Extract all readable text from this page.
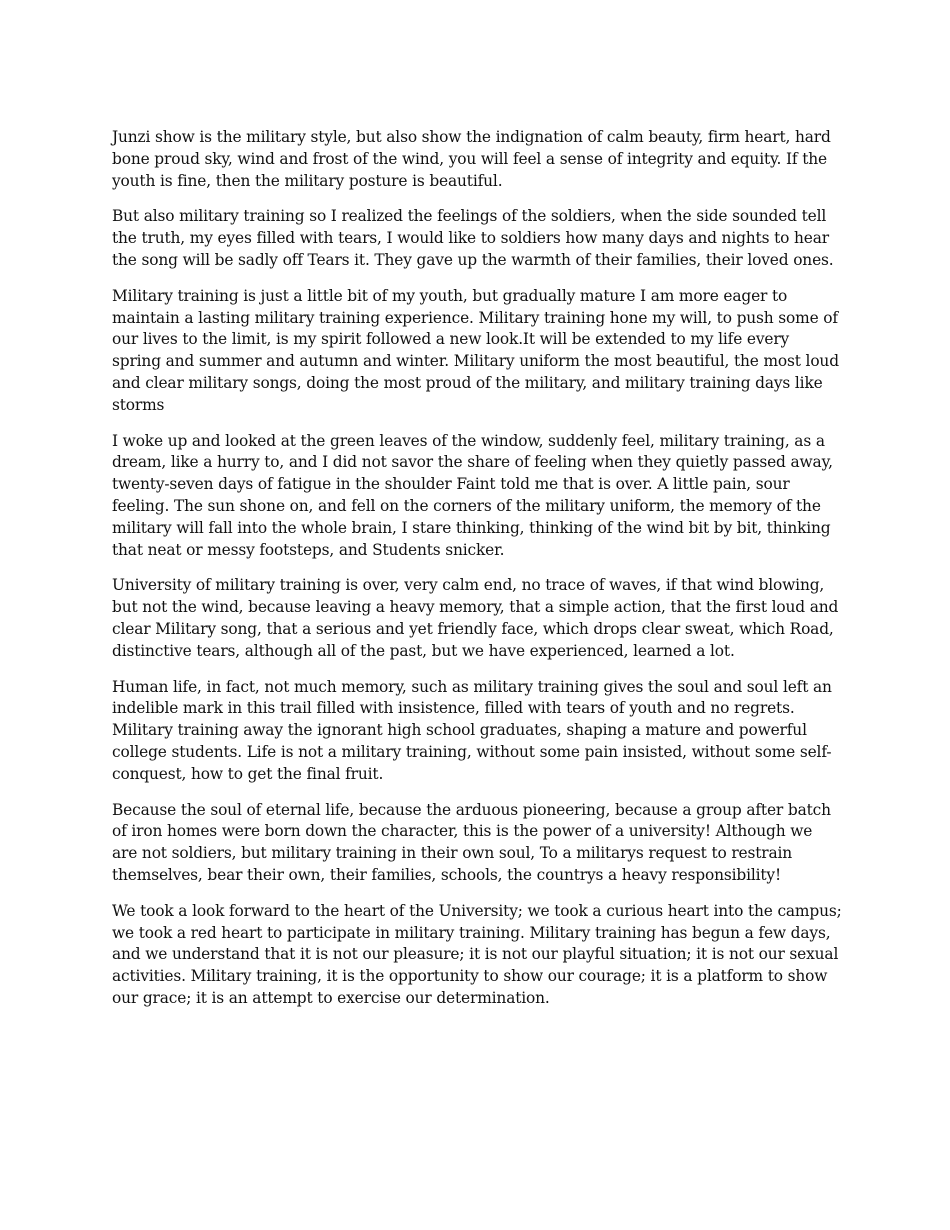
Junzi show is the military style, but also show the indignation of calm beauty, firm heart, hard bone proud sky, wind and frost of the wind, you will feel a sense of integrity and equity. If the youth is fine, then the military posture is beautiful.

But also military training so I realized the feelings of the soldiers, when the side sounded tell the truth, my eyes filled with tears, I would like to soldiers how many days and nights to hear the song will be sadly off Tears it. They gave up the warmth of their families, their loved ones.

Military training is just a little bit of my youth, but gradually mature I am more eager to maintain a lasting military training experience. Military training hone my will, to push some of our lives to the limit, is my spirit followed a new look.It will be extended to my life every spring and summer and autumn and winter. Military uniform the most beautiful, the most loud and clear military songs, doing the most proud of the military, and military training days like storms

I woke up and looked at the green leaves of the window, suddenly feel, military training, as a dream, like a hurry to, and I did not savor the share of feeling when they quietly passed away, twenty-seven days of fatigue in the shoulder Faint told me that is over. A little pain, sour feeling. The sun shone on, and fell on the corners of the military uniform, the memory of the military will fall into the whole brain, I stare thinking, thinking of the wind bit by bit, thinking that neat or messy footsteps, and Students snicker.

University of military training is over, very calm end, no trace of waves, if that wind blowing, but not the wind, because leaving a heavy memory, that a simple action, that the first loud and clear Military song, that a serious and yet friendly face, which drops clear sweat, which Road, distinctive tears, although all of the past, but we have experienced, learned a lot.

Human life, in fact, not much memory, such as military training gives the soul and soul left an indelible mark in this trail filled with insistence, filled with tears of youth and no regrets. Military training away the ignorant high school graduates, shaping a mature and powerful college students. Life is not a military training, without some pain insisted, without some self-conquest, how to get the final fruit.

Because the soul of eternal life, because the arduous pioneering, because a group after batch of iron homes were born down the character, this is the power of a university! Although we are not soldiers, but military training in their own soul, To a militarys request to restrain themselves, bear their own, their families, schools, the countrys a heavy responsibility!

We took a look forward to the heart of the University; we took a curious heart into the campus; we took a red heart to participate in military training. Military training has begun a few days, and we understand that it is not our pleasure; it is not our playful situation; it is not our sexual activities. Military training, it is the opportunity to show our courage; it is a platform to show our grace; it is an attempt to exercise our determination.
